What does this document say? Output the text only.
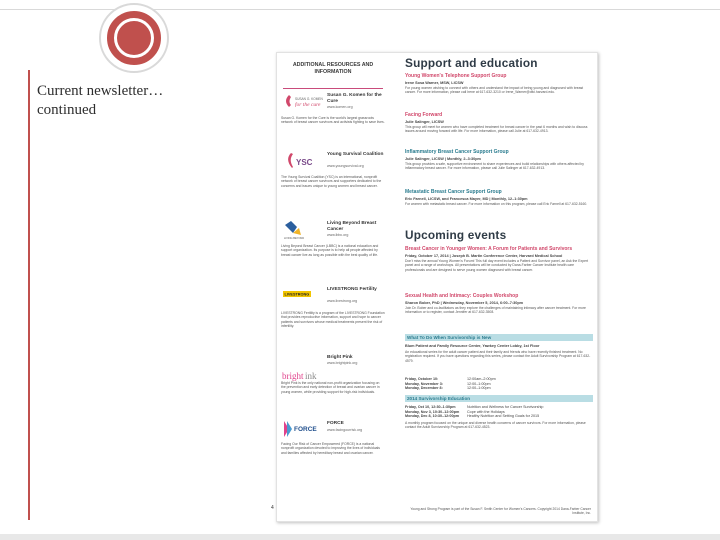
Current newsletter…continued
ADDITIONAL RESOURCES AND INFORMATION
SUSAN G. KOMEN
for the cure
Susan G. Komen for the Cure
www.komen.org
Susan G. Komen for the Cure is the world's largest grassroots network of breast cancer survivors and activists fighting to save lives.
YSC
Young Survival Coalition
www.youngsurvival.org
The Young Survival Coalition (YSC) is an international, nonprofit network of breast cancer survivors and supporters dedicated to the concerns and issues unique to young women and breast cancer.
LIVING BEYOND
Living Beyond Breast Cancer
www.lbbc.org
Living Beyond Breast Cancer (LBBC) is a national education and support organization. Its purpose is to help all people affected by breast cancer live as long as possible with the best quality of life.
LIVESTRONG
LIVESTRONG Fertility
www.livestrong.org
LIVESTRONG Fertility is a program of the LIVESTRONG Foundation that provides reproductive information, support and hope to cancer patients and survivors whose medical treatments present the risk of infertility.
bright ink
Bright Pink
www.brightpink.org
Bright Pink is the only national non-profit organization focusing on the prevention and early detection of breast and ovarian cancer in young women, while providing support for high-risk individuals.
FORCE
FORCE
www.facingourrisk.org
Facing Our Risk of Cancer Empowered (FORCE) is a national nonprofit organization devoted to improving the lives of individuals and families affected by hereditary breast and ovarian cancer.
4
Support and education
Young Women's Telephone Support Group
Irene Sosa Warner, MSW, LICSW
For young women wishing to connect with others and understand the impact of being young and diagnosed with breast cancer. For more information, please call Irene at 617-632-3210 or Irene_Warner@dfci.harvard.edu.
Facing Forward
Julie Salinger, LICSW
This group will meet for women who have completed treatment for breast cancer in the past 6 months and wish to discuss issues around moving forward with life. For more information, please call Julie at 617-632-4913.
Inflammatory Breast Cancer Support Group
Julie Salinger, LICSW | Monthly, 2–3:30pm
This group provides a safe, supportive environment to share experiences and build relationships with others affected by inflammatory breast cancer. For more information, please call Julie Salinger at 617-632-4913.
Metastatic Breast Cancer Support Group
Eric Farnell, LICSW, and Francesca Mayer, MD | Monthly, 12–1:30pm
For women with metastatic breast cancer. For more information on this program, please call Eric Farnell at 617-632-5160.
Upcoming events
Breast Cancer in Younger Women: A Forum for Patients and Survivors
Friday, October 17, 2014 | Joseph B. Martin Conference Center, Harvard Medical School
Don't miss the annual Young Women's Forum! This full day event includes a Patient and Survivor panel, an Ask the Expert panel and a range of workshops. All presentations will be conducted by Dana-Farber Cancer Institute health care professionals and are designed to serve young women diagnosed with breast cancer.
Sexual Health and Intimacy: Couples Workshop
Sharon Bober, PhD | Wednesday, November 5, 2014, 6:00–7:30pm
Join Dr. Bober and co-facilitators as they explore the challenges of maintaining intimacy after cancer treatment. For more information or to register, contact Jennifer at 617-632-3508.
What To Do When Survivorship is New
Blum Patient and Family Resource Center, Yawkey Center Lobby, 1st Floor
An educational series for the adult cancer patient and their family and friends who have recently finished treatment. No registration required. If you have questions regarding this series, please contact the Adult Survivorship Program at 617-632-4579.
Friday, October 10:	12:00am–2:00pm
Monday, November 3:	12:00–1:00pm
Monday, December 8:	12:00–1:00pm
2014 Survivorship Education
Friday, Oct 10, 12:30–1:30pm	Nutrition and Wellness for Cancer Survivorship
Monday, Nov 3, 10:30–12:00pm Cope with the Holidays
Monday, Dec 8, 10:30–12:00pm Healthy Nutrition and Setting Goals for 2015
A monthly program focused on the unique and diverse health concerns of cancer survivors. For more information, please contact the Adult Survivorship Program at 617-632-4523.
Young and Strong Program is part of the Susan F. Smith Center for Women's Cancers. Copyright 2014 Dana-Farber Cancer Institute, Inc.
